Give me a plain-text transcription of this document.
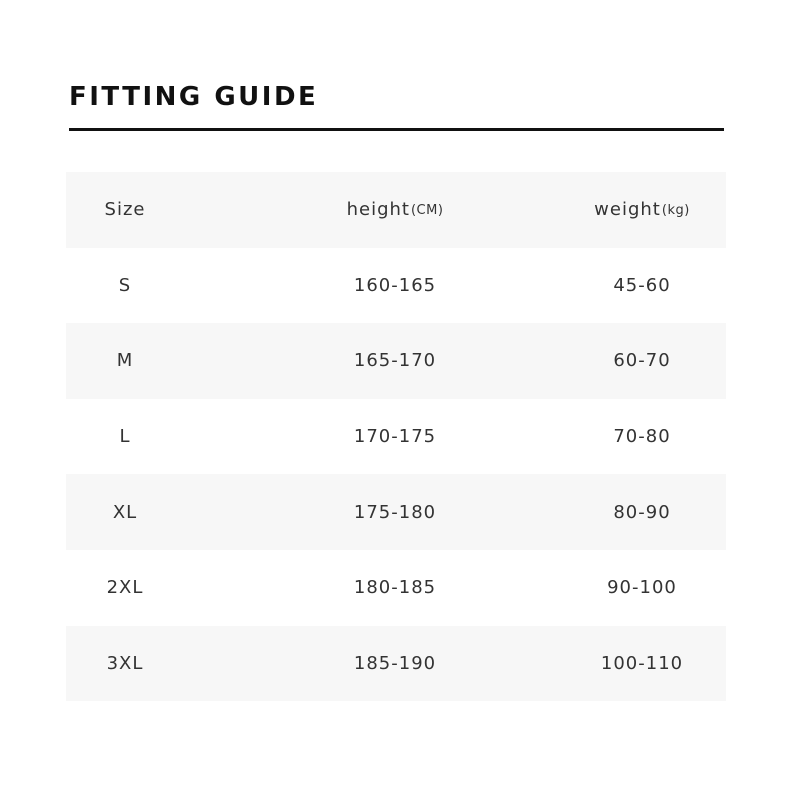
FITTING GUIDE
Size	height (CM)	weight (kg)
S	160-165	45-60
M	165-170	60-70
L	170-175	70-80
XL	175-180	80-90
2XL	180-185	90-100
3XL	185-190	100-110
